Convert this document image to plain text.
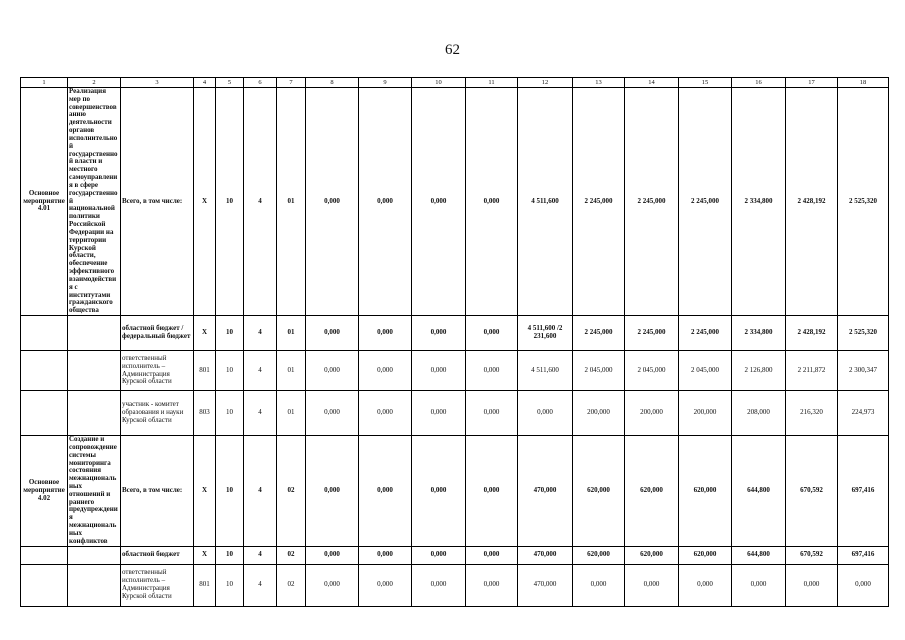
62
1	2	3	4	5	6	7	8	9	10	11	12	13	14	15	16	17	18
Основное мероприятие 4.01	Реализация мер по совершенствованию деятельности органов исполнительной государственной власти и местного самоуправления в сфере государственной национальной политики Российской Федерации на территории Курской области, обеспечение эффективного взаимодействия с институтами гражданского общества	Всего, в том числе:	Х	10	4	01	0,000	0,000	0,000	0,000	4 511,600	2 245,000	2 245,000	2 245,000	2 334,800	2 428,192	2 525,320
		областной бюджет /федеральный бюджет	Х	10	4	01	0,000	0,000	0,000	0,000	4 511,600 /2 231,600	2 245,000	2 245,000	2 245,000	2 334,800	2 428,192	2 525,320
		ответственный исполнитель – Администрация Курской области	801	10	4	01	0,000	0,000	0,000	0,000	4 511,600	2 045,000	2 045,000	2 045,000	2 126,800	2 211,872	2 300,347
		участник - комитет образования и науки Курской области	803	10	4	01	0,000	0,000	0,000	0,000	0,000	200,000	200,000	200,000	208,000	216,320	224,973
Основное мероприятие 4.02	Создание и сопровождение системы мониторинга состояния межнациональных отношений и раннего предупреждения межнациональных конфликтов	Всего, в том числе:	Х	10	4	02	0,000	0,000	0,000	0,000	470,000	620,000	620,000	620,000	644,800	670,592	697,416
		областной бюджет	Х	10	4	02	0,000	0,000	0,000	0,000	470,000	620,000	620,000	620,000	644,800	670,592	697,416
		ответственный исполнитель – Администрация Курской области	801	10	4	02	0,000	0,000	0,000	0,000	470,000	0,000	0,000	0,000	0,000	0,000	0,000
